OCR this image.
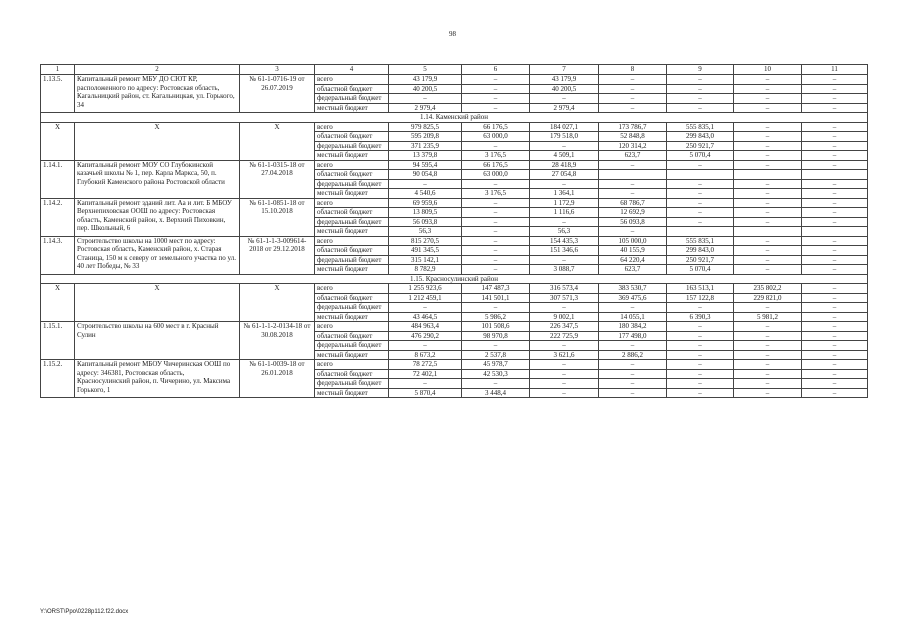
98
1	2	3	4	5	6	7	8	9	10	11
1.13.5.	Капитальный ремонт МБУ ДО СЮТ КР, расположенного по адресу: Ростовская область, Кагальницкий район, ст. Кагальницкая, ул. Горького, 34	№ 61-1-0716-19 от 26.07.2019	всего	43 179,9	–	43 179,9	–	–	–	–
			областной бюджет	40 200,5	–	40 200,5	–	–	–	–
			федеральный бюджет	–	–	–	–	–	–	–
			местный бюджет	2 979,4	–	2 979,4	–	–	–	–
1.14. Каменский район										
X	X	X	всего	979 825,5	66 176,5	184 027,1	173 786,7	555 835,1	–	–
			областной бюджет	595 209,8	63 000,0	179 518,0	52 848,8	299 843,0	–	–
			федеральный бюджет	371 235,9	–	–	120 314,2	250 921,7	–	–
			местный бюджет	13 379,8	3 176,5	4 509,1	623,7	5 070,4	–	–
1.14.1.	Капитальный ремонт МОУ СО Глубокинской казачьей школы № 1, пер. Карла Маркса, 50, п. Глубокий Каменского района Ростовской области	№ 61-1-0315-18 от 27.04.2018	всего	94 595,4	66 176,5	28 418,9	–	–	–	–
			областной бюджет	90 054,8	63 000,0	27 054,8				
			федеральный бюджет	–	–	–	–	–	–	–
			местный бюджет	4 540,6	3 176,5	1 364,1	–	–	–	–
1.14.2.	Капитальный ремонт зданий лит. Аа и лит. Б МБОУ Верхнепиховская ООШ по адресу: Ростовская область, Каменский район, х. Верхний Пиховкин, пер. Школьный, 6	№ 61-1-0851-18 от 15.10.2018	всего	69 959,6	–	1 172,9	68 786,7	–	–	–
			областной бюджет	13 809,5	–	1 116,6	12 692,9	–	–	–
			федеральный бюджет	56 093,8	–	–	56 093,8	–	–	–
			местный бюджет	56,3	–	56,3	–			
1.14.3.	Строительство школы на 1000 мест по адресу: Ростовская область, Каменский район, х. Старая Станица, 150 м к северу от земельного участка по ул. 40 лет Победы, № 33	№ 61-1-1-3-009614-2018 от 29.12.2018	всего	815 270,5	–	154 435,3	105 000,0	555 835,1	–	–
			областной бюджет	491 345,5	–	151 346,6	40 155,9	299 843,0	–	–
			федеральный бюджет	315 142,1	–	–	64 220,4	250 921,7	–	–
			местный бюджет	8 782,9	–	3 088,7	623,7	5 070,4	–	–
1.15. Красносулинский район										
X	X	X	всего	1 255 923,6	147 487,3	316 573,4	383 530,7	163 513,1	235 802,2	–
			областной бюджет	1 212 459,1	141 501,1	307 571,3	369 475,6	157 122,8	229 821,0	–
			федеральный бюджет	–	–	–	–	–	–	–
			местный бюджет	43 464,5	5 986,2	9 002,1	14 055,1	6 390,3	5 981,2	–
1.15.1.	Строительство школы на 600 мест в г. Красный Сулин	№ 61-1-1-2-0134-18 от 30.08.2018	всего	484 963,4	101 508,6	226 347,5	180 384,2	–	–	–
			областной бюджет	476 290,2	98 970,8	222 725,9	177 498,0	–	–	–
			федеральный бюджет	–	–	–	–	–	–	–
			местный бюджет	8 673,2	2 537,8	3 621,6	2 886,2	–	–	–
1.15.2.	Капитальный ремонт МБОУ Чичеринская ООШ по адресу: 346381, Ростовская область, Красносулинский район, п. Чичерино, ул. Максима Горького, 1	№ 61-1-0039-18 от 26.01.2018	всего	78 272,5	45 978,7	–	–	–	–	–
			областной бюджет	72 402,1	42 530,3	–	–	–	–	–
			федеральный бюджет	–	–	–	–	–	–	–
			местный бюджет	5 870,4	3 448,4	–	–	–	–	–
Y:\ORST\Ppo\0228p112.f22.docx
